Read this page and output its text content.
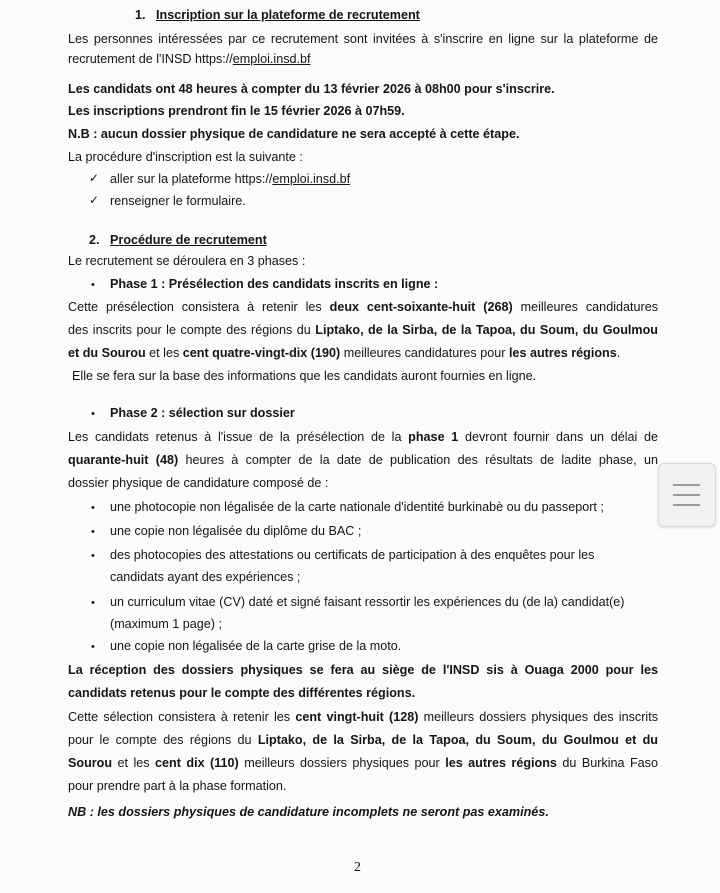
1. Inscription sur la plateforme de recrutement
Les personnes intéressées par ce recrutement sont invitées à s'inscrire en ligne sur la plateforme de
recrutement de l'INSD https://emploi.insd.bf
Les candidats ont 48 heures à compter du 13 février 2026 à 08h00 pour s'inscrire.
Les inscriptions prendront fin le 15 février 2026 à 07h59.
N.B : aucun dossier physique de candidature ne sera accepté à cette étape.
La procédure d'inscription est la suivante :
✓ aller sur la plateforme https://emploi.insd.bf
✓ renseigner le formulaire.
2. Procédure de recrutement
Le recrutement se déroulera en 3 phases :
• Phase 1 : Présélection des candidats inscrits en ligne :
Cette présélection consistera à retenir les deux cent-soixante-huit (268) meilleures candidatures
des inscrits pour le compte des régions du Liptako, de la Sirba, de la Tapoa, du Soum, du Goulmou
et du Sourou et les cent quatre-vingt-dix (190) meilleures candidatures pour les autres régions.
Elle se fera sur la base des informations que les candidats auront fournies en ligne.
• Phase 2 : sélection sur dossier
Les candidats retenus à l'issue de la présélection de la phase 1 devront fournir dans un délai de
quarante-huit (48) heures à compter de la date de publication des résultats de ladite phase, un
dossier physique de candidature composé de :
• une photocopie non légalisée de la carte nationale d'identité burkinabè ou du passeport ;
• une copie non légalisée du diplôme du BAC ;
• des photocopies des attestations ou certificats de participation à des enquêtes pour les
candidats ayant des expériences ;
• un curriculum vitae (CV) daté et signé faisant ressortir les expériences du (de la) candidat(e)
(maximum 1 page) ;
• une copie non légalisée de la carte grise de la moto.
La réception des dossiers physiques se fera au siège de l'INSD sis à Ouaga 2000 pour les
candidats retenus pour le compte des différentes régions.
Cette sélection consistera à retenir les cent vingt-huit (128) meilleurs dossiers physiques des inscrits
pour le compte des régions du Liptako, de la Sirba, de la Tapoa, du Soum, du Goulmou et du
Sourou et les cent dix (110) meilleurs dossiers physiques pour les autres régions du Burkina Faso
pour prendre part à la phase formation.
NB : les dossiers physiques de candidature incomplets ne seront pas examinés.
2
